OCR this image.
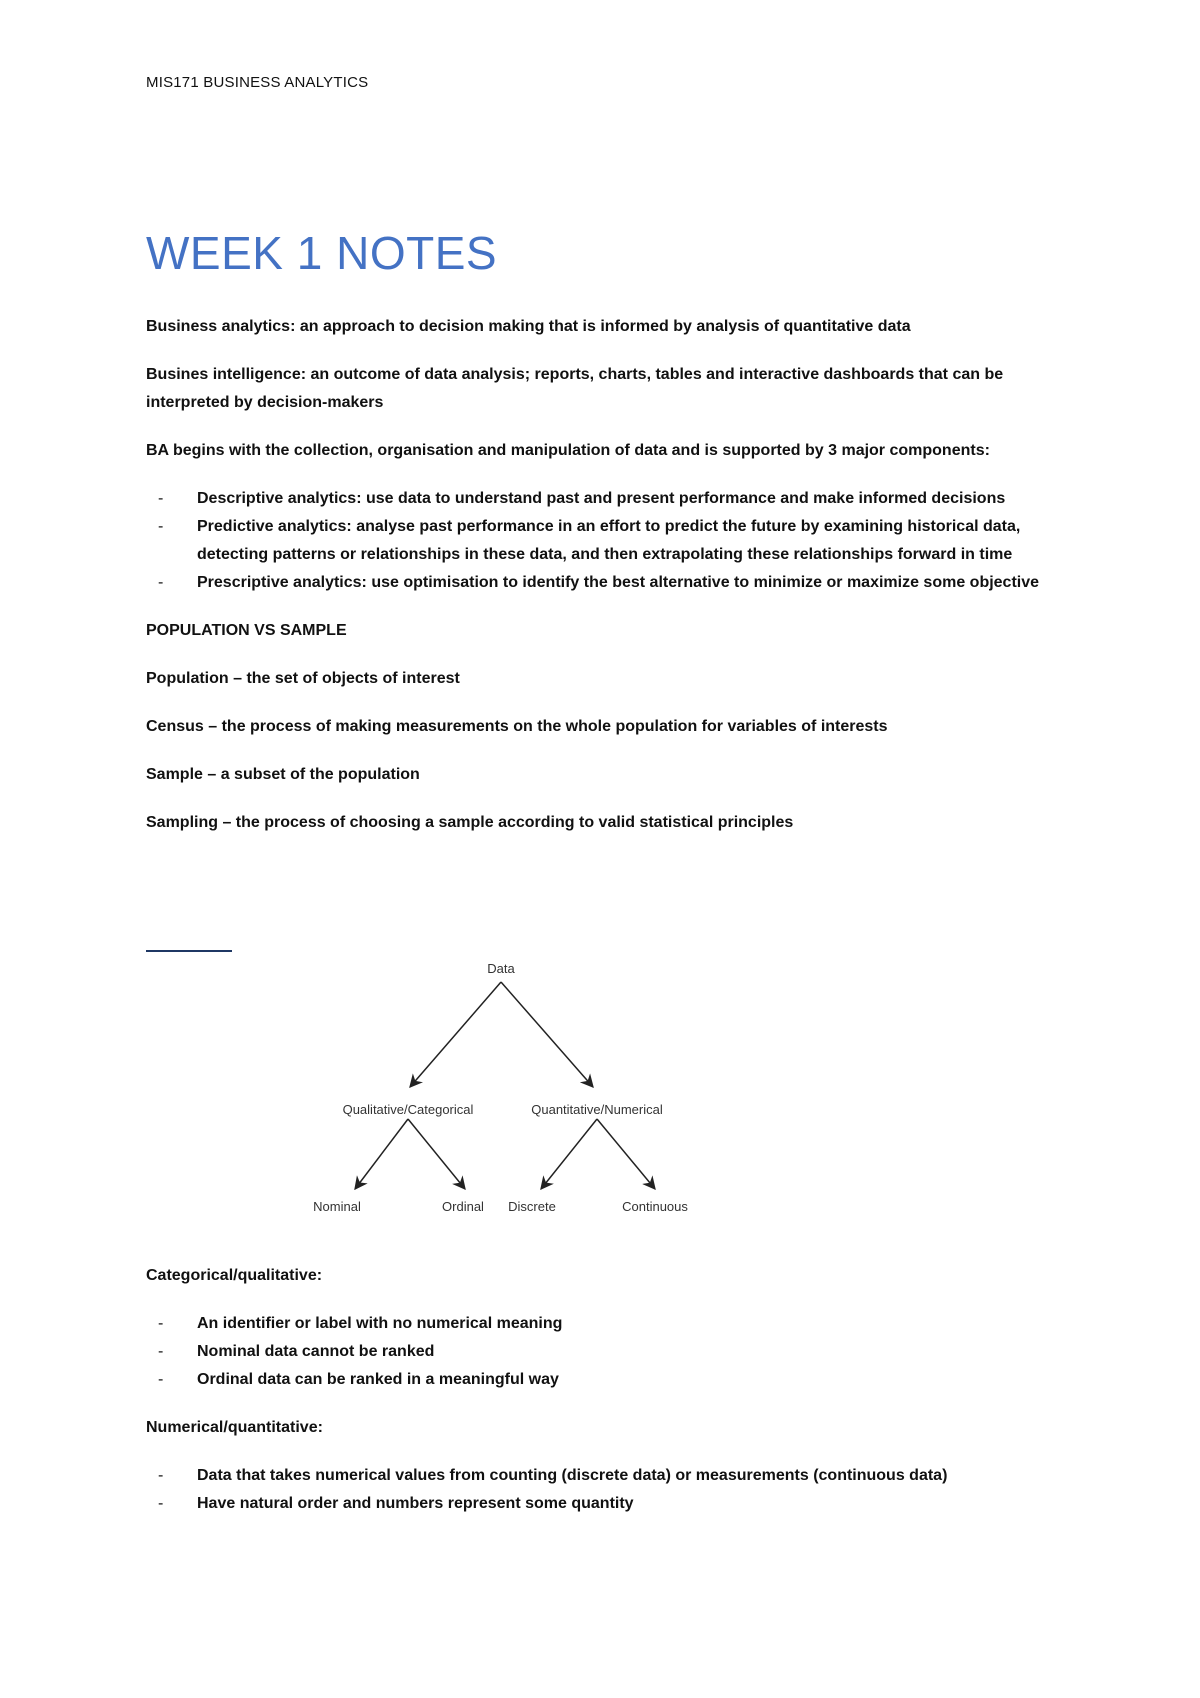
MIS171 BUSINESS ANALYTICS
WEEK 1 NOTES

Business analytics: an approach to decision making that is informed by analysis of quantitative data

Busines intelligence: an outcome of data analysis; reports, charts, tables and interactive dashboards that can be interpreted by decision-makers

BA begins with the collection, organisation and manipulation of data and is supported by 3 major components:

- Descriptive analytics: use data to understand past and present performance and make informed decisions
- Predictive analytics: analyse past performance in an effort to predict the future by examining historical data, detecting patterns or relationships in these data, and then extrapolating these relationships forward in time
- Prescriptive analytics: use optimisation to identify the best alternative to minimize or maximize some objective

POPULATION VS SAMPLE

Population – the set of objects of interest

Census – the process of making measurements on the whole population for variables of interests

Sample – a subset of the population

Sampling – the process of choosing a sample according to valid statistical principles

Data
Qualitative/Categorical	Quantitative/Numerical
Nominal	Ordinal Discrete	Continuous

Categorical/qualitative:

- An identifier or label with no numerical meaning
- Nominal data cannot be ranked
- Ordinal data can be ranked in a meaningful way

Numerical/quantitative:

- Data that takes numerical values from counting (discrete data) or measurements (continuous data)
- Have natural order and numbers represent some quantity
